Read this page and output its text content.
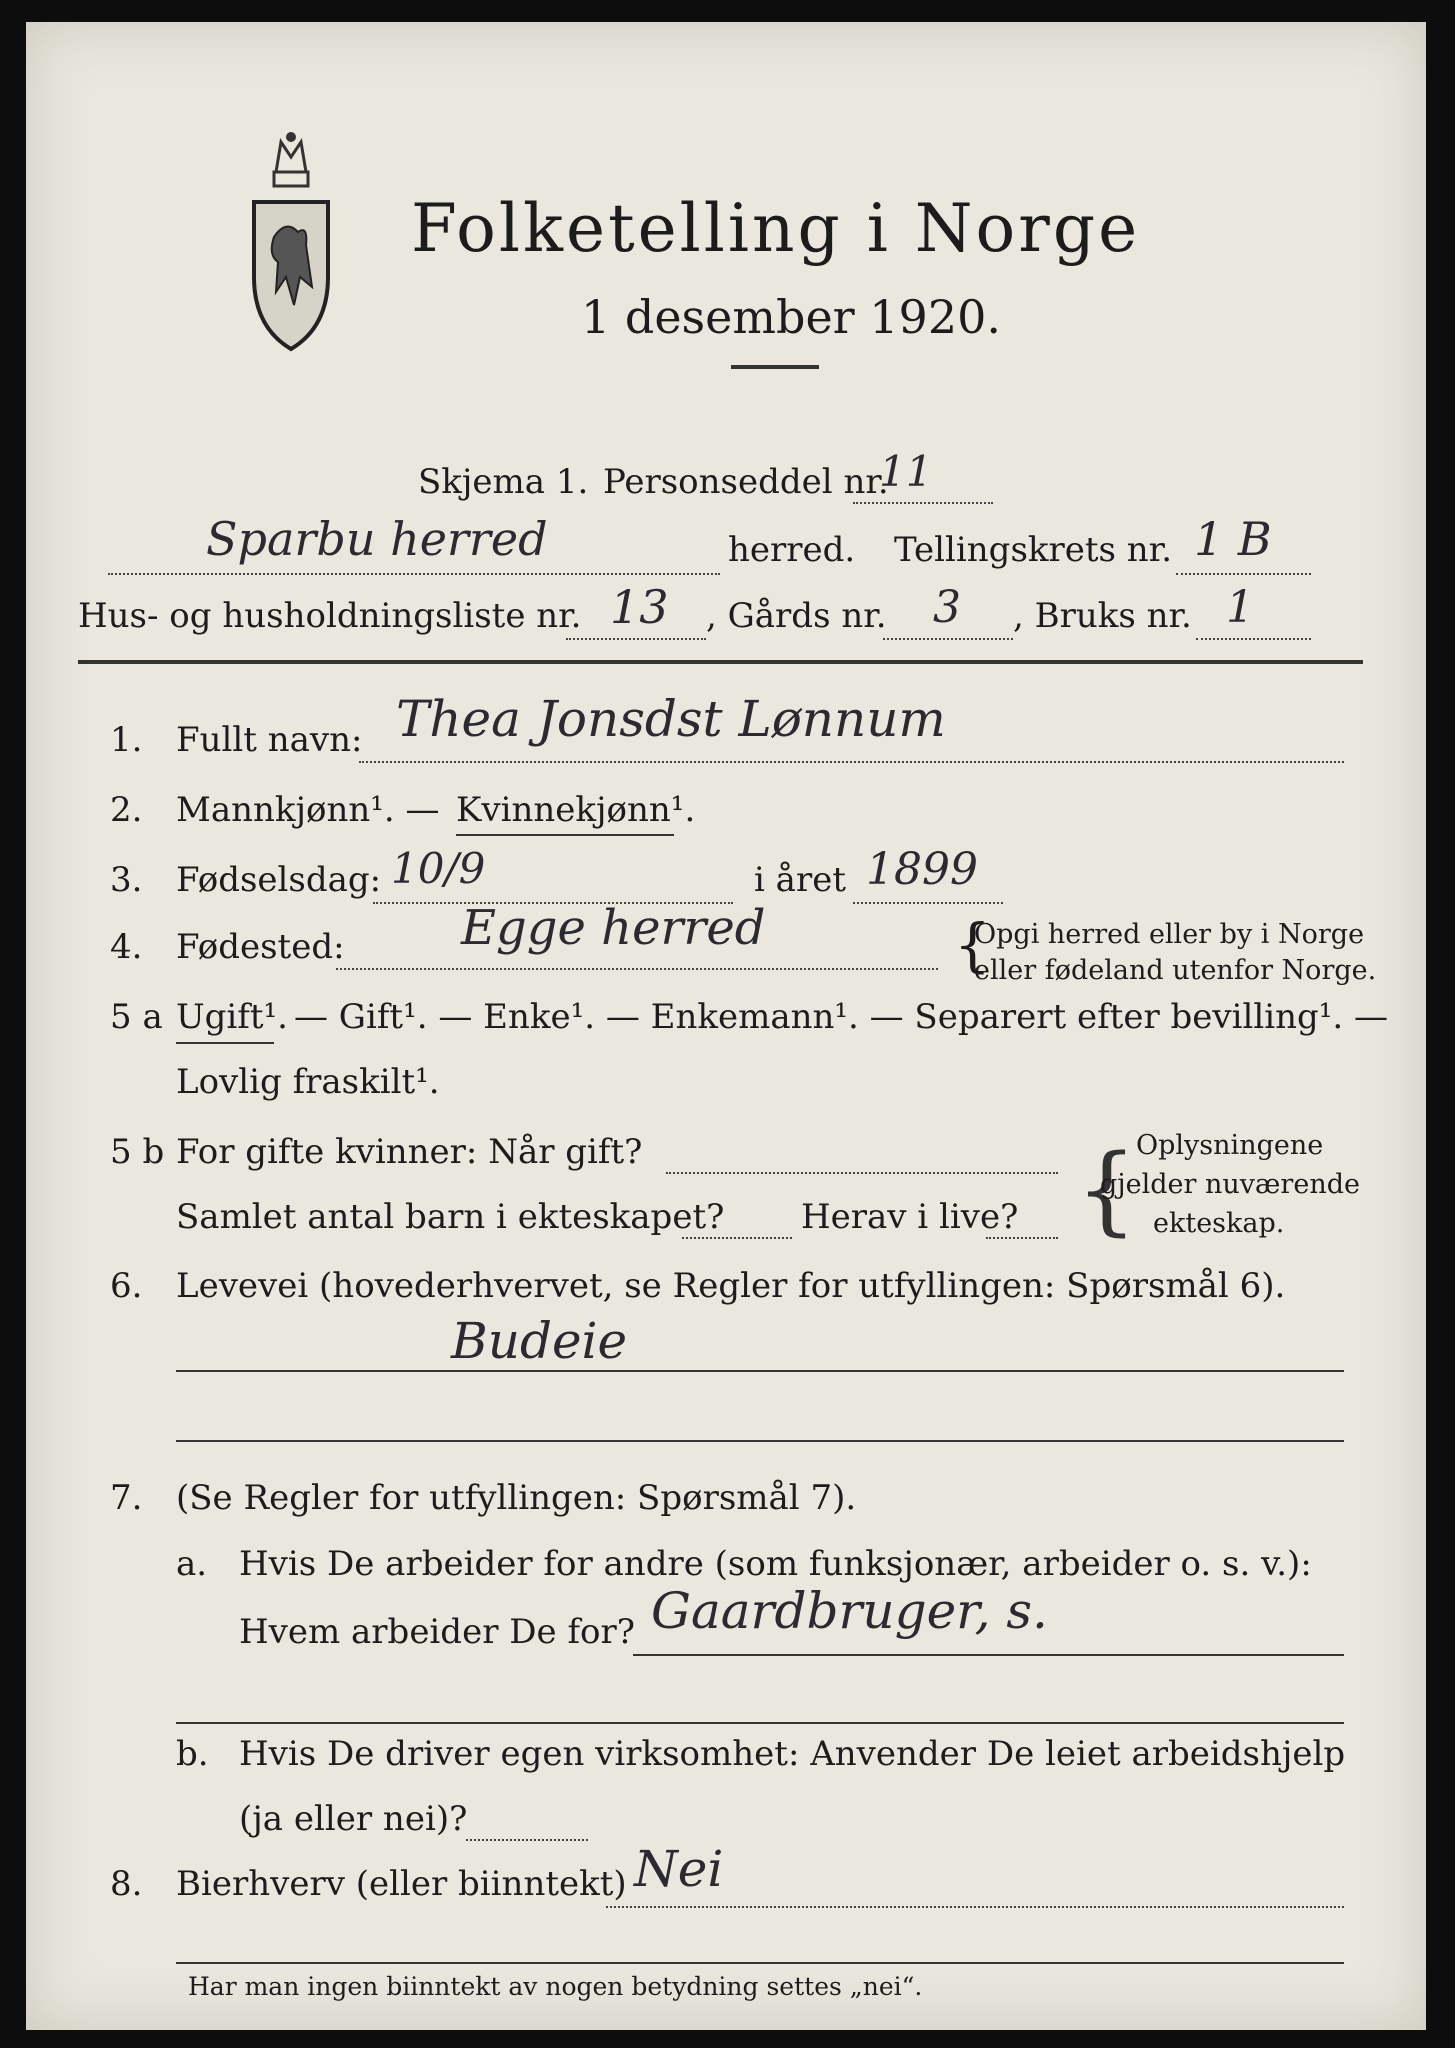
Folketelling i Norge
1 desember 1920.
Skjema 1. Personseddel nr.
11
Sparbu herred	herred. Tellingskrets nr. 1 B
Hus- og husholdningsliste nr. 13 , Gårds nr. 3 , Bruks nr. 1
1. Fullt navn: Thea Jonsdst Lønnum
2. Mannkjønn¹. — Kvinnekjønn¹.
3. Fødselsdag: 10/9	i året 1899
4. Fødested: Egge herred	{
Opgi herred eller by i Norge
eller fødeland utenfor Norge.
5 a Ugift¹. — Gift¹. — Enke¹. — Enkemann¹. — Separert efter bevilling¹. —
Lovlig fraskilt¹.
5 b For gifte kvinner: Når gift?
Samlet antal barn i ekteskapet? Herav i live? {
Oplysningene
gjelder nuværende
ekteskap.
6. Levevei (hovederhvervet, se Regler for utfyllingen: Spørsmål 6).
Budeie
7. (Se Regler for utfyllingen: Spørsmål 7).
a. Hvis De arbeider for andre (som funksjonær, arbeider o. s. v.):
Hvem arbeider De for? Gaardbruger, s.
b. Hvis De driver egen virksomhet: Anvender De leiet arbeidshjelp
(ja eller nei)?
8. Bierhverv (eller biinntekt) Nei
Har man ingen biinntekt av nogen betydning settes „nei“.
